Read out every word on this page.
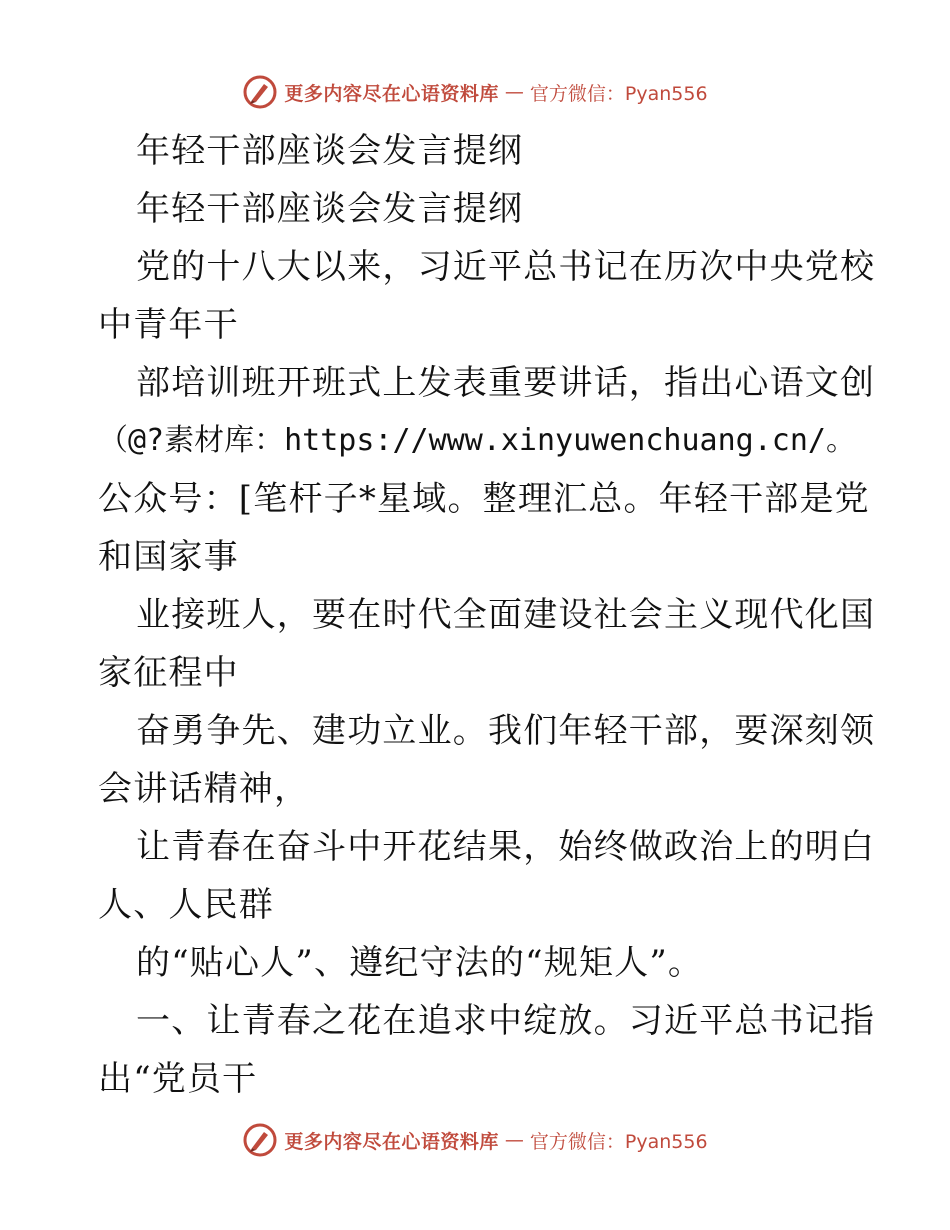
更多内容尽在心语资料库 — 官方微信：Pyan556
年轻干部座谈会发言提纲
年轻干部座谈会发言提纲
党的十八大以来，习近平总书记在历次中央党校
中青年干
部培训班开班式上发表重要讲话，指出心语文创
（@?素材库：https://www.xinyuwenchuang.cn/。
公众号：[笔杆子*星域。整理汇总。年轻干部是党
和国家事
业接班人，要在时代全面建设社会主义现代化国
家征程中
奋勇争先、建功立业。我们年轻干部，要深刻领
会讲话精神，
让青春在奋斗中开花结果，始终做政治上的明白
人、人民群
的“贴心人”、遵纪守法的“规矩人”。
一、让青春之花在追求中绽放。习近平总书记指
出“党员干
更多内容尽在心语资料库 — 官方微信：Pyan556
